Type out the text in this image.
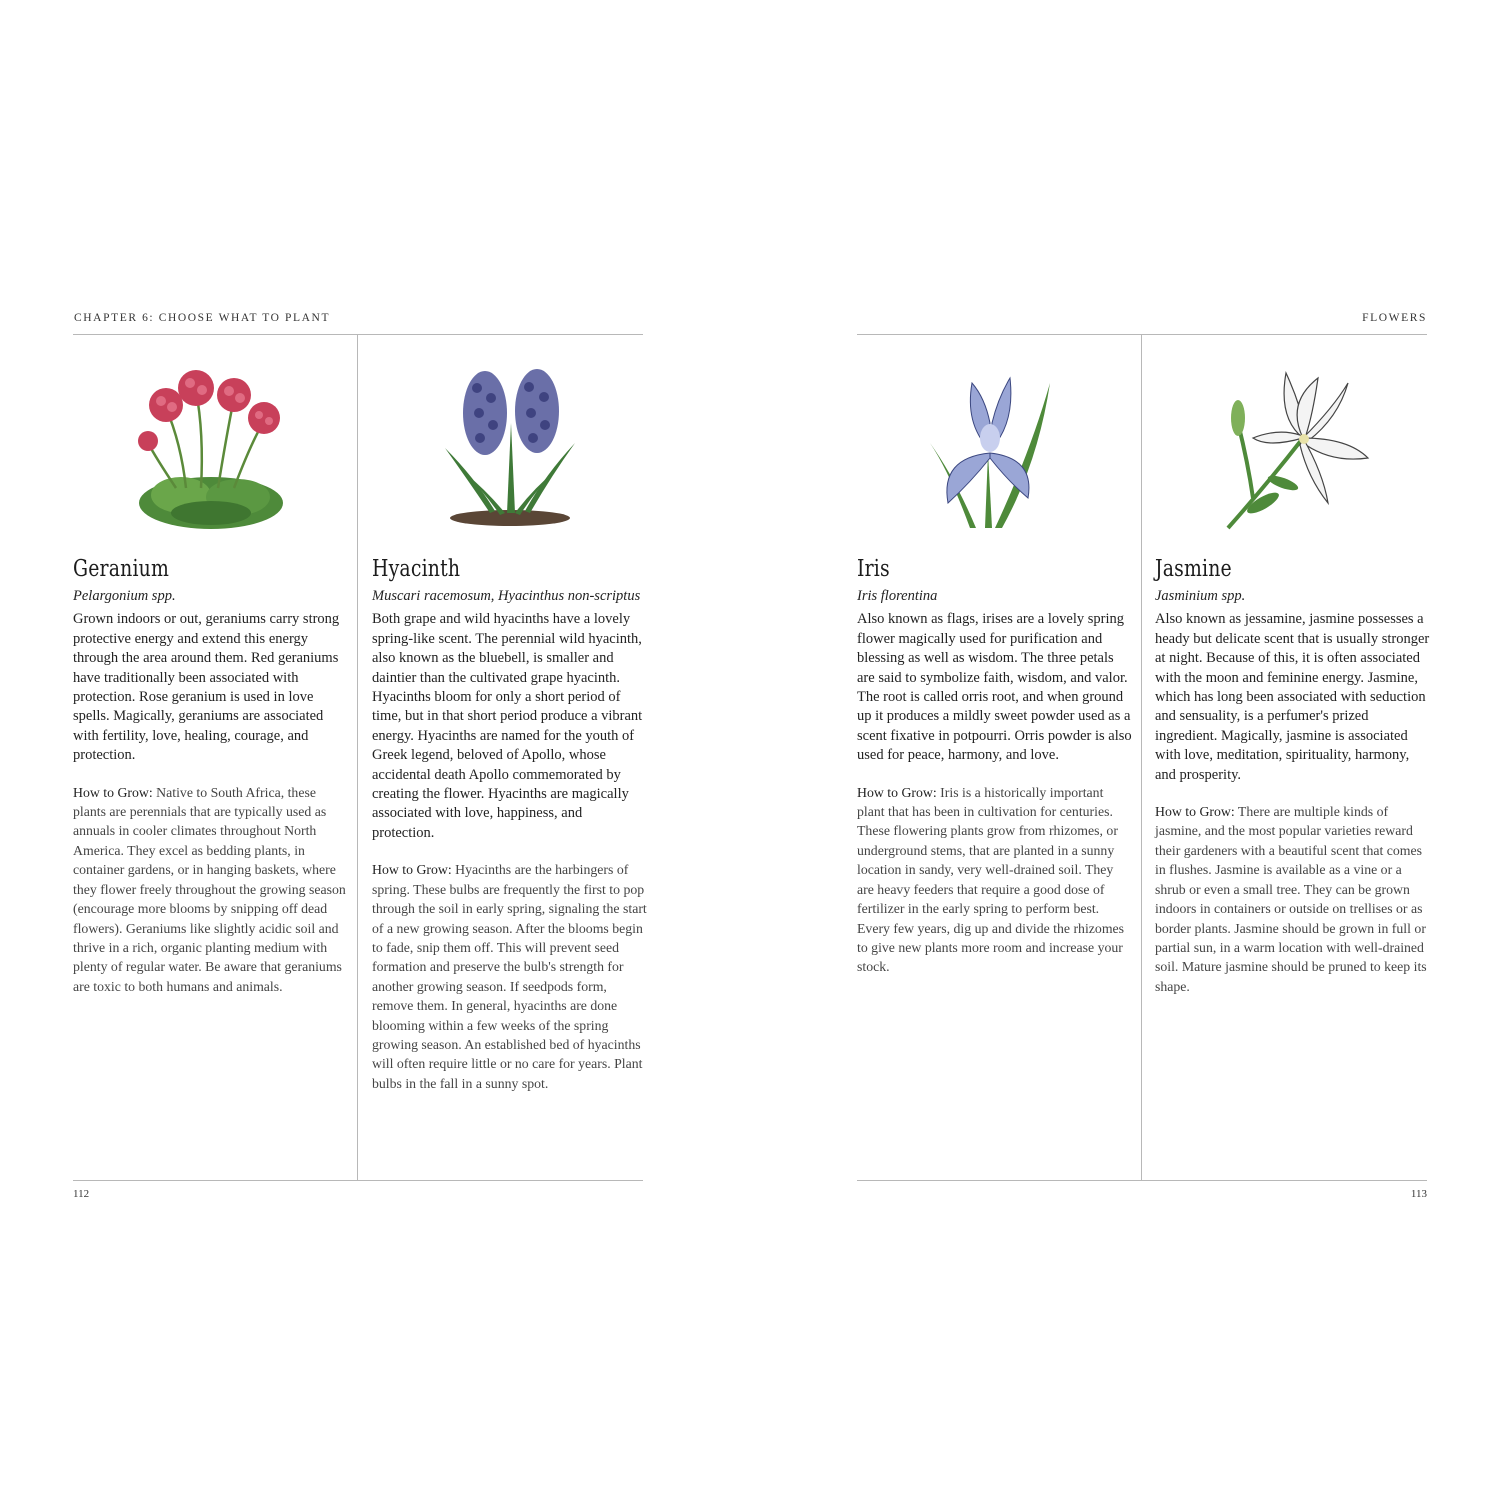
CHAPTER 6: CHOOSE WHAT TO PLANT
Geranium

Pelargonium spp.

Grown indoors or out, geraniums carry strong protective energy and extend this energy through the area around them. Red geraniums have traditionally been associated with protection. Rose geranium is used in love spells. Magically, geraniums are associated with fertility, love, healing, courage, and protection.

How to Grow: Native to South Africa, these plants are perennials that are typically used as annuals in cooler climates throughout North America. They excel as bedding plants, in container gardens, or in hanging baskets, where they flower freely throughout the growing season (encourage more blooms by snipping off dead flowers). Geraniums like slightly acidic soil and thrive in a rich, organic planting medium with plenty of regular water. Be aware that geraniums are toxic to both humans and animals.

Hyacinth

Muscari racemosum, Hyacinthus non-scriptus

Both grape and wild hyacinths have a lovely spring-like scent. The perennial wild hyacinth, also known as the bluebell, is smaller and daintier than the cultivated grape hyacinth. Hyacinths bloom for only a short period of time, but in that short period produce a vibrant energy. Hyacinths are named for the youth of Greek legend, beloved of Apollo, whose accidental death Apollo commemorated by creating the flower. Hyacinths are magically associated with love, happiness, and protection.

How to Grow: Hyacinths are the harbingers of spring. These bulbs are frequently the first to pop through the soil in early spring, signaling the start of a new growing season. After the blooms begin to fade, snip them off. This will prevent seed formation and preserve the bulb's strength for another growing season. If seedpods form, remove them. In general, hyacinths are done blooming within a few weeks of the spring growing season. An established bed of hyacinths will often require little or no care for years. Plant bulbs in the fall in a sunny spot.

112
FLOWERS
Iris

Iris florentina

Also known as flags, irises are a lovely spring flower magically used for purification and blessing as well as wisdom. The three petals are said to symbolize faith, wisdom, and valor. The root is called orris root, and when ground up it produces a mildly sweet powder used as a scent fixative in potpourri. Orris powder is also used for peace, harmony, and love.

How to Grow: Iris is a historically important plant that has been in cultivation for centuries. These flowering plants grow from rhizomes, or underground stems, that are planted in a sunny location in sandy, very well-drained soil. They are heavy feeders that require a good dose of fertilizer in the early spring to perform best. Every few years, dig up and divide the rhizomes to give new plants more room and increase your stock.

Jasmine

Jasminium spp.

Also known as jessamine, jasmine possesses a heady but delicate scent that is usually stronger at night. Because of this, it is often associated with the moon and feminine energy. Jasmine, which has long been associated with seduction and sensuality, is a perfumer's prized ingredient. Magically, jasmine is associated with love, meditation, spirituality, harmony, and prosperity.

How to Grow: There are multiple kinds of jasmine, and the most popular varieties reward their gardeners with a beautiful scent that comes in flushes. Jasmine is available as a vine or a shrub or even a small tree. They can be grown indoors in containers or outside on trellises or as border plants. Jasmine should be grown in full or partial sun, in a warm location with well-drained soil. Mature jasmine should be pruned to keep its shape.

113
